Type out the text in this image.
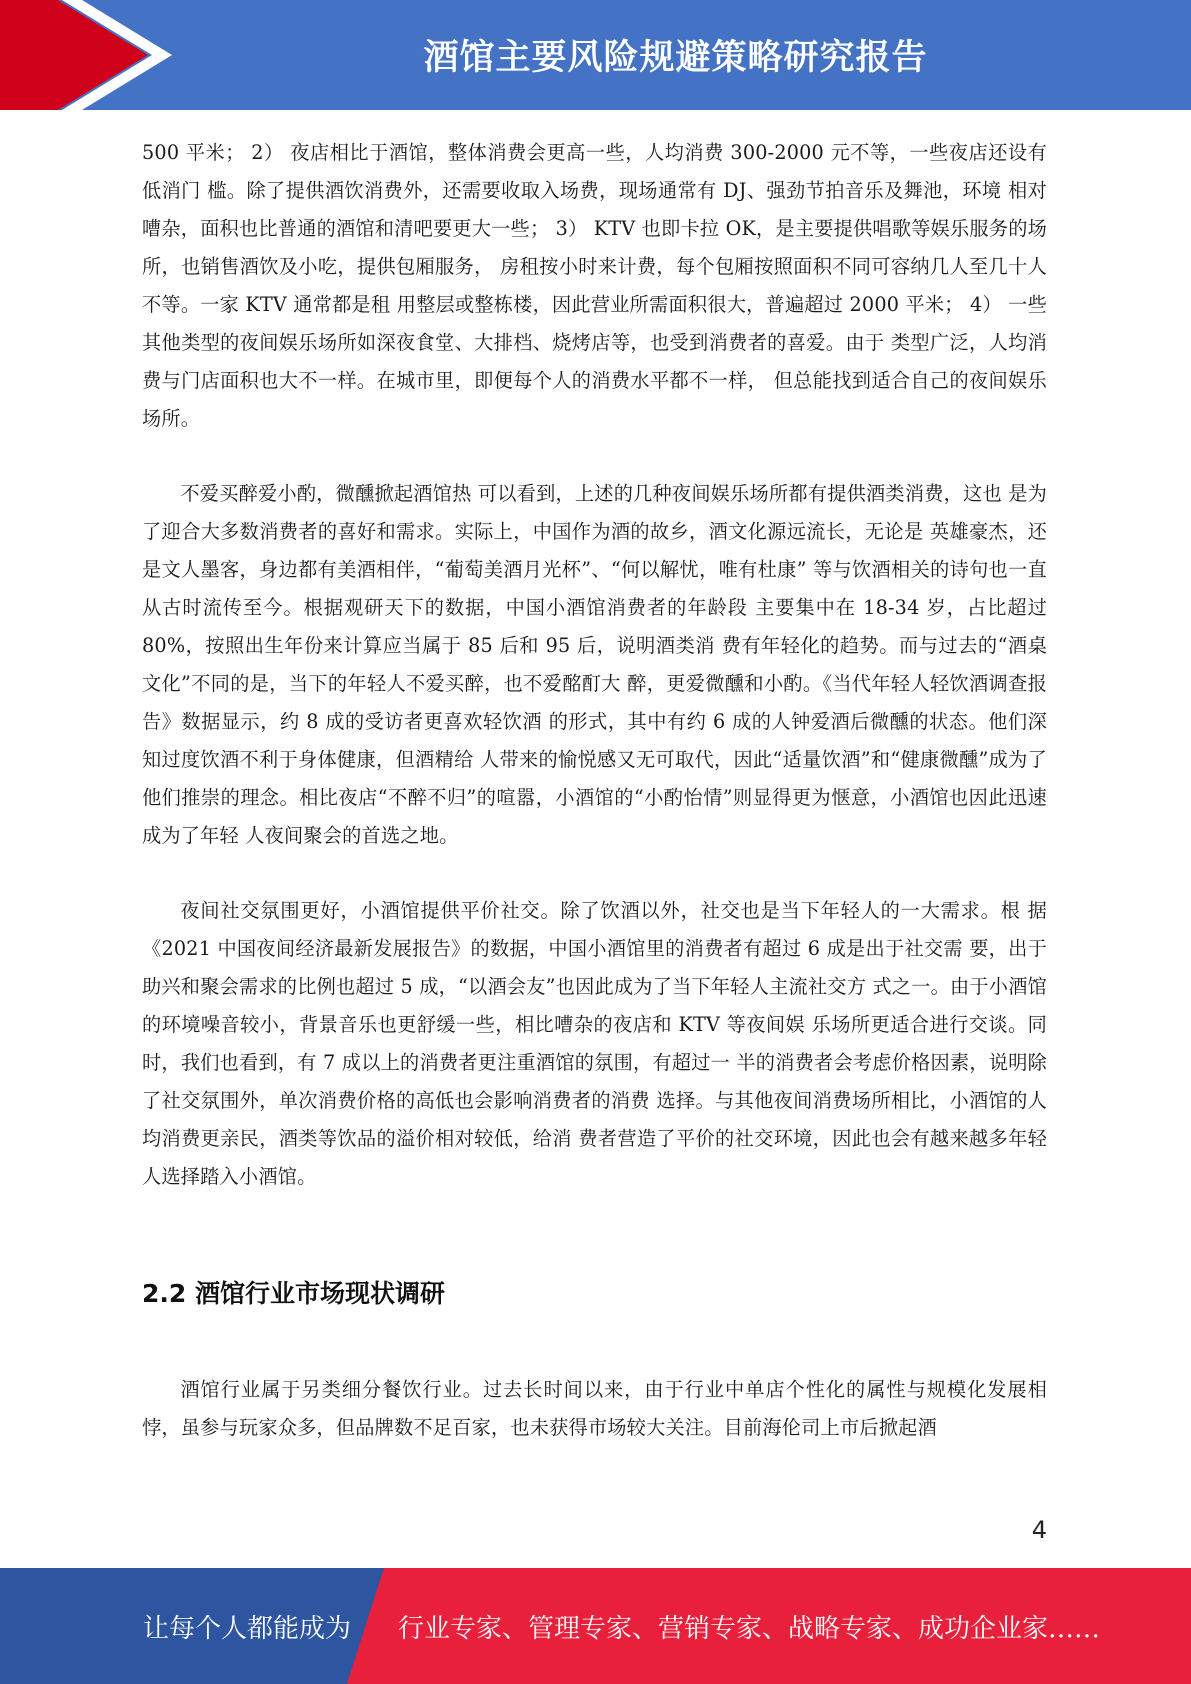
酒馆主要风险规避策略研究报告

500 平米； 2） 夜店相比于酒馆，整体消费会更高一些，人均消费 300-2000 元不等，一些夜店还设有低消门 槛。除了提供酒饮消费外，还需要收取入场费，现场通常有 DJ、强劲节拍音乐及舞池，环境 相对嘈杂，面积也比普通的酒馆和清吧要更大一些； 3） KTV 也即卡拉 OK，是主要提供唱歌等娱乐服务的场所，也销售酒饮及小吃，提供包厢服务， 房租按小时来计费，每个包厢按照面积不同可容纳几人至几十人不等。一家 KTV 通常都是租 用整层或整栋楼，因此营业所需面积很大，普遍超过 2000 平米； 4） 一些其他类型的夜间娱乐场所如深夜食堂、大排档、烧烤店等，也受到消费者的喜爱。由于 类型广泛，人均消费与门店面积也大不一样。在城市里，即便每个人的消费水平都不一样， 但总能找到适合自己的夜间娱乐场所。

不爱买醉爱小酌，微醺掀起酒馆热 可以看到，上述的几种夜间娱乐场所都有提供酒类消费，这也 是为了迎合大多数消费者的喜好和需求。实际上，中国作为酒的故乡，酒文化源远流长，无论是 英雄豪杰，还是文人墨客，身边都有美酒相伴，“葡萄美酒月光杯”、“何以解忧，唯有杜康” 等与饮酒相关的诗句也一直从古时流传至今。根据观研天下的数据，中国小酒馆消费者的年龄段 主要集中在 18-34 岁，占比超过 80%，按照出生年份来计算应当属于 85 后和 95 后，说明酒类消 费有年轻化的趋势。而与过去的“酒桌文化”不同的是，当下的年轻人不爱买醉，也不爱酩酊大 醉，更爱微醺和小酌。《当代年轻人轻饮酒调查报告》数据显示，约 8 成的受访者更喜欢轻饮酒 的形式，其中有约 6 成的人钟爱酒后微醺的状态。他们深知过度饮酒不利于身体健康，但酒精给 人带来的愉悦感又无可取代，因此“适量饮酒”和“健康微醺”成为了他们推崇的理念。相比夜店“不醉不归”的喧嚣，小酒馆的“小酌怡情”则显得更为惬意，小酒馆也因此迅速成为了年轻 人夜间聚会的首选之地。

夜间社交氛围更好，小酒馆提供平价社交。除了饮酒以外，社交也是当下年轻人的一大需求。根 据《2021 中国夜间经济最新发展报告》的数据，中国小酒馆里的消费者有超过 6 成是出于社交需 要，出于助兴和聚会需求的比例也超过 5 成，“以酒会友”也因此成为了当下年轻人主流社交方 式之一。由于小酒馆的环境噪音较小，背景音乐也更舒缓一些，相比嘈杂的夜店和 KTV 等夜间娱 乐场所更适合进行交谈。同时，我们也看到，有 7 成以上的消费者更注重酒馆的氛围，有超过一 半的消费者会考虑价格因素，说明除了社交氛围外，单次消费价格的高低也会影响消费者的消费 选择。与其他夜间消费场所相比，小酒馆的人均消费更亲民，酒类等饮品的溢价相对较低，给消 费者营造了平价的社交环境，因此也会有越来越多年轻人选择踏入小酒馆。

2.2 酒馆行业市场现状调研

酒馆行业属于另类细分餐饮行业。过去长时间以来，由于行业中单店个性化的属性与规模化发展相悖，虽参与玩家众多，但品牌数不足百家，也未获得市场较大关注。目前海伦司上市后掀起酒

4
让每个人都能成为 行业专家、管理专家、营销专家、战略专家、成功企业家……
